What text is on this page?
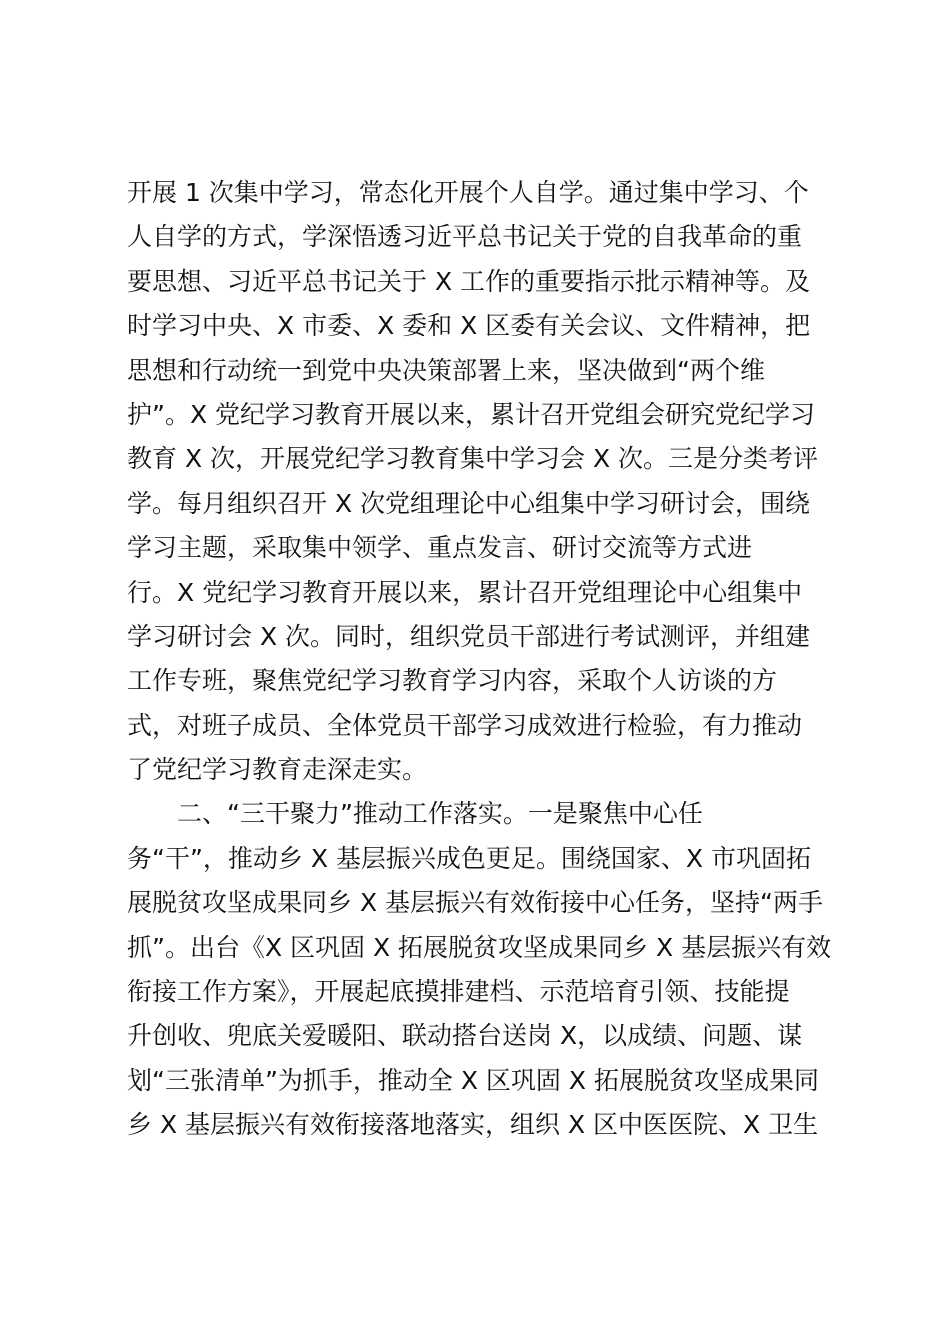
开展 1 次集中学习，常态化开展个人自学。通过集中学习、个
人自学的方式，学深悟透习近平总书记关于党的自我革命的重
要思想、习近平总书记关于 X 工作的重要指示批示精神等。及
时学习中央、X 市委、X 委和 X 区委有关会议、文件精神，把
思想和行动统一到党中央决策部署上来，坚决做到“两个维
护”。X 党纪学习教育开展以来，累计召开党组会研究党纪学习
教育 X 次，开展党纪学习教育集中学习会 X 次。三是分类考评
学。每月组织召开 X 次党组理论中心组集中学习研讨会，围绕
学习主题，采取集中领学、重点发言、研讨交流等方式进
行。X 党纪学习教育开展以来，累计召开党组理论中心组集中
学习研讨会 X 次。同时，组织党员干部进行考试测评，并组建
工作专班，聚焦党纪学习教育学习内容，采取个人访谈的方
式，对班子成员、全体党员干部学习成效进行检验，有力推动
了党纪学习教育走深走实。
二、“三干聚力”推动工作落实。一是聚焦中心任
务“干”，推动乡 X 基层振兴成色更足。围绕国家、X 市巩固拓
展脱贫攻坚成果同乡 X 基层振兴有效衔接中心任务，坚持“两手
抓”。出台《X 区巩固 X 拓展脱贫攻坚成果同乡 X 基层振兴有效
衔接工作方案》，开展起底摸排建档、示范培育引领、技能提
升创收、兜底关爱暖阳、联动搭台送岗 X，以成绩、问题、谋
划“三张清单”为抓手，推动全 X 区巩固 X 拓展脱贫攻坚成果同
乡 X 基层振兴有效衔接落地落实，组织 X 区中医医院、X 卫生
